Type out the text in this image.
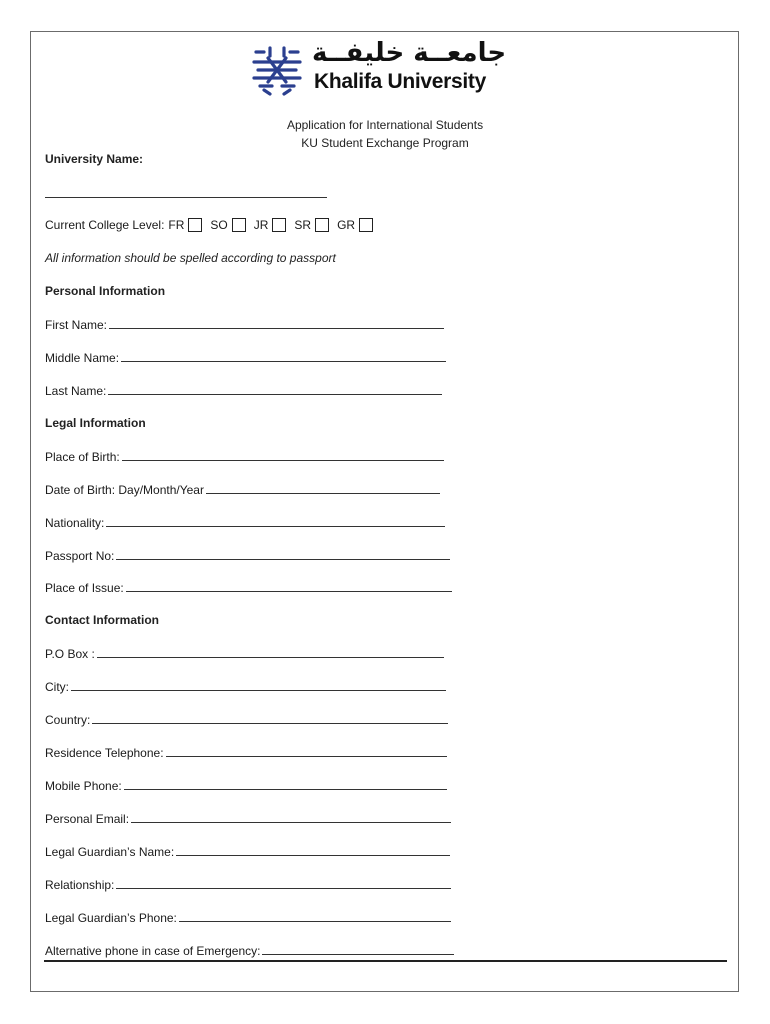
جامعــة خليفــة
Khalifa University
Application for International Students
KU Student Exchange Program
University Name:
Current College Level: FR SO JR SR GR
All information should be spelled according to passport
Personal Information
First Name:
Middle Name:
Last Name:
Legal Information
Place of Birth:
Date of Birth: Day/Month/Year
Nationality:
Passport No:
Place of Issue:
Contact Information
P.O Box :
City:
Country:
Residence Telephone:
Mobile Phone:
Personal Email:
Legal Guardian’s Name:
Relationship:
Legal Guardian’s Phone:
Alternative phone in case of Emergency:
